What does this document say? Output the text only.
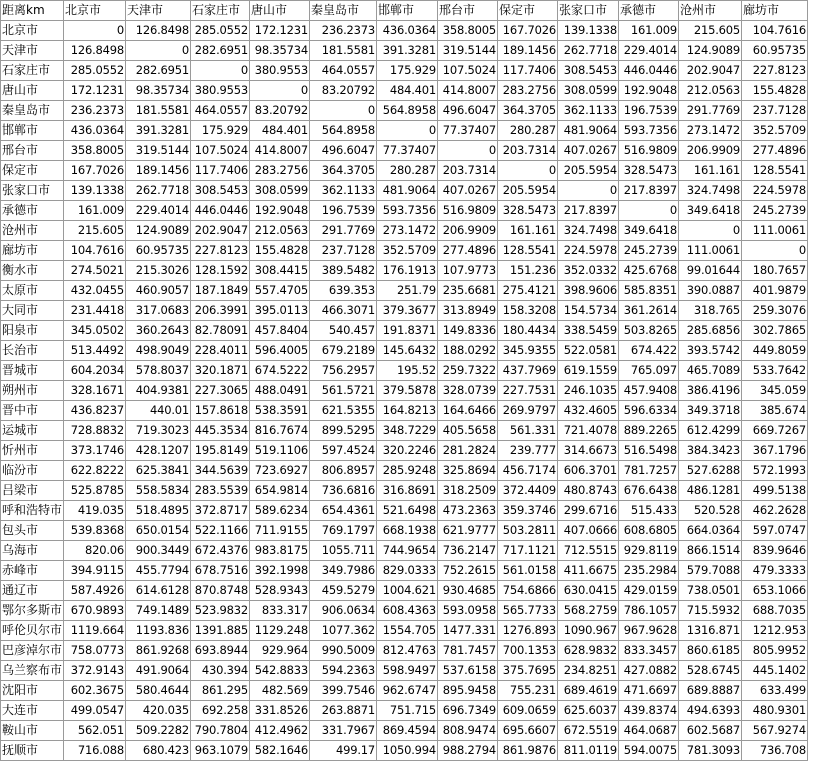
距离km	北京市	天津市	石家庄市	唐山市	秦皇岛市	邯郸市	邢台市	保定市	张家口市	承德市	沧州市	廊坊市
北京市	0	126.8498	285.0552	172.1231	236.2373	436.0364	358.8005	167.7026	139.1338	161.009	215.605	104.7616
天津市	126.8498	0	282.6951	98.35734	181.5581	391.3281	319.5144	189.1456	262.7718	229.4014	124.9089	60.95735
石家庄市	285.0552	282.6951	0	380.9553	464.0557	175.929	107.5024	117.7406	308.5453	446.0446	202.9047	227.8123
唐山市	172.1231	98.35734	380.9553	0	83.20792	484.401	414.8007	283.2756	308.0599	192.9048	212.0563	155.4828
秦皇岛市	236.2373	181.5581	464.0557	83.20792	0	564.8958	496.6047	364.3705	362.1133	196.7539	291.7769	237.7128
邯郸市	436.0364	391.3281	175.929	484.401	564.8958	0	77.37407	280.287	481.9064	593.7356	273.1472	352.5709
邢台市	358.8005	319.5144	107.5024	414.8007	496.6047	77.37407	0	203.7314	407.0267	516.9809	206.9909	277.4896
保定市	167.7026	189.1456	117.7406	283.2756	364.3705	280.287	203.7314	0	205.5954	328.5473	161.161	128.5541
张家口市	139.1338	262.7718	308.5453	308.0599	362.1133	481.9064	407.0267	205.5954	0	217.8397	324.7498	224.5978
承德市	161.009	229.4014	446.0446	192.9048	196.7539	593.7356	516.9809	328.5473	217.8397	0	349.6418	245.2739
沧州市	215.605	124.9089	202.9047	212.0563	291.7769	273.1472	206.9909	161.161	324.7498	349.6418	0	111.0061
廊坊市	104.7616	60.95735	227.8123	155.4828	237.7128	352.5709	277.4896	128.5541	224.5978	245.2739	111.0061	0
衡水市	274.5021	215.3026	128.1592	308.4415	389.5482	176.1913	107.9773	151.236	352.0332	425.6768	99.01644	180.7657
太原市	432.0455	460.9057	187.1849	557.4705	639.353	251.79	235.6681	275.4121	398.9606	585.8351	390.0887	401.9879
大同市	231.4418	317.0683	206.3991	395.0113	466.3071	379.3677	313.8949	158.3208	154.5734	361.2614	318.765	259.3076
阳泉市	345.0502	360.2643	82.78091	457.8404	540.457	191.8371	149.8336	180.4434	338.5459	503.8265	285.6856	302.7865
长治市	513.4492	498.9049	228.4011	596.4005	679.2189	145.6432	188.0292	345.9355	522.0581	674.422	393.5742	449.8059
晋城市	604.2034	578.8037	320.1871	674.5222	756.2957	195.52	259.7322	437.7969	619.1559	765.097	465.7089	533.7642
朔州市	328.1671	404.9381	227.3065	488.0491	561.5721	379.5878	328.0739	227.7531	246.1035	457.9408	386.4196	345.059
晋中市	436.8237	440.01	157.8618	538.3591	621.5355	164.8213	164.6466	269.9797	432.4605	596.6334	349.3718	385.674
运城市	728.8832	719.3023	445.3534	816.7674	899.5295	348.7229	405.5658	561.331	721.4078	889.2265	612.4299	669.7267
忻州市	373.1746	428.1207	195.8149	519.1106	597.4524	320.2246	281.2824	239.777	314.6673	516.5498	384.3423	367.1796
临汾市	622.8222	625.3841	344.5639	723.6927	806.8957	285.9248	325.8694	456.7174	606.3701	781.7257	527.6288	572.1993
吕梁市	525.8785	558.5834	283.5539	654.9814	736.6816	316.8691	318.2509	372.4409	480.8743	676.6438	486.1281	499.5138
呼和浩特市	419.035	518.4895	372.8717	589.6234	654.4361	521.6498	473.2363	359.3746	299.6716	515.433	520.528	462.2628
包头市	539.8368	650.0154	522.1166	711.9155	769.1797	668.1938	621.9777	503.2811	407.0666	608.6805	664.0364	597.0747
乌海市	820.06	900.3449	672.4376	983.8175	1055.711	744.9654	736.2147	717.1121	712.5515	929.8119	866.1514	839.9646
赤峰市	394.9115	455.7794	678.7516	392.1998	349.7986	829.0333	752.2615	561.0158	411.6675	235.2984	579.7088	479.3333
通辽市	587.4926	614.6128	870.8748	528.9343	459.5279	1004.621	930.4685	754.6866	630.0415	429.0159	738.0501	653.1066
鄂尔多斯市	670.9893	749.1489	523.9832	833.317	906.0634	608.4363	593.0958	565.7733	568.2759	786.1057	715.5932	688.7035
呼伦贝尔市	1119.664	1193.836	1391.885	1129.248	1077.362	1554.705	1477.331	1276.893	1090.967	967.9628	1316.871	1212.953
巴彦淖尔市	758.0773	861.9268	693.8944	929.964	990.5009	812.4763	781.7457	700.1353	628.9832	833.3457	860.6185	805.9952
乌兰察布市	372.9143	491.9064	430.394	542.8833	594.2363	598.9497	537.6158	375.7695	234.8251	427.0882	528.6745	445.1402
沈阳市	602.3675	580.4644	861.295	482.569	399.7546	962.6747	895.9458	755.231	689.4619	471.6697	689.8887	633.499
大连市	499.0547	420.035	692.258	331.8526	263.8871	751.715	696.7349	609.0659	625.6037	439.8374	494.6393	480.9301
鞍山市	562.051	509.2282	790.7804	412.4962	331.7967	869.4594	808.9474	695.6607	672.5519	464.0687	602.5687	567.9274
抚顺市	716.088	680.423	963.1079	582.1646	499.17	1050.994	988.2794	861.9876	811.0119	594.0075	781.3093	736.708
